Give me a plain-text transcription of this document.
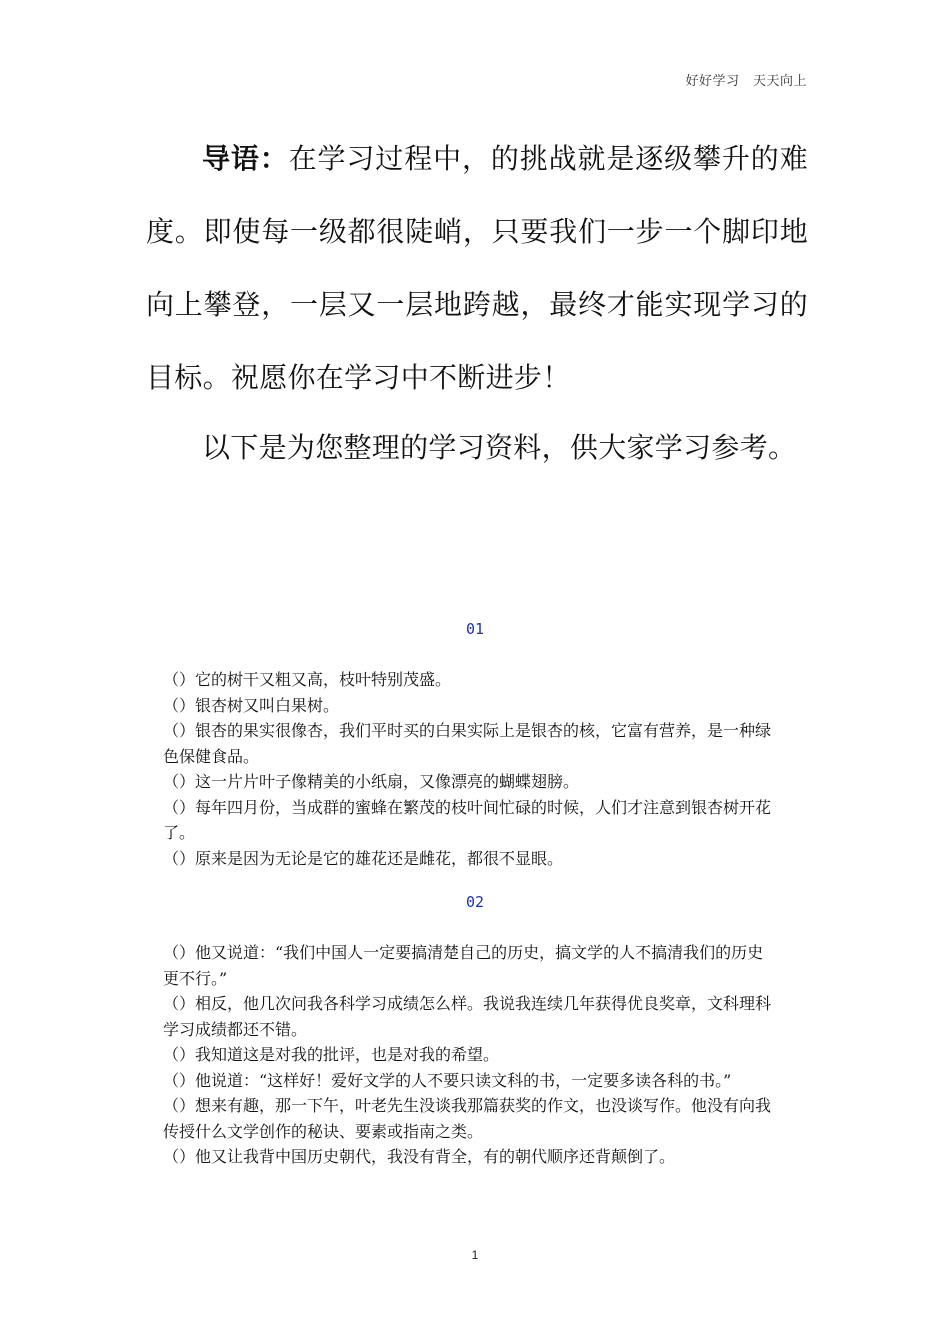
好好学习　天天向上

导语：在学习过程中，的挑战就是逐级攀升的难度。即使每一级都很陡峭，只要我们一步一个脚印地向上攀登，一层又一层地跨越，最终才能实现学习的目标。祝愿你在学习中不断进步！

以下是为您整理的学习资料，供大家学习参考。

01
（）它的树干又粗又高，枝叶特别茂盛。
（）银杏树又叫白果树。
（）银杏的果实很像杏，我们平时买的白果实际上是银杏的核，它富有营养，是一种绿色保健食品。
（）这一片片叶子像精美的小纸扇，又像漂亮的蝴蝶翅膀。
（）每年四月份，当成群的蜜蜂在繁茂的枝叶间忙碌的时候，人们才注意到银杏树开花了。
（）原来是因为无论是它的雄花还是雌花，都很不显眼。
02
（）他又说道：“我们中国人一定要搞清楚自己的历史，搞文学的人不搞清我们的历史更不行。”
（）相反，他几次问我各科学习成绩怎么样。我说我连续几年获得优良奖章，文科理科学习成绩都还不错。
（）我知道这是对我的批评，也是对我的希望。
（）他说道：“这样好！爱好文学的人不要只读文科的书，一定要多读各科的书。”
（）想来有趣，那一下午，叶老先生没谈我那篇获奖的作文，也没谈写作。他没有向我传授什么文学创作的秘诀、要素或指南之类。
（）他又让我背中国历史朝代，我没有背全，有的朝代顺序还背颠倒了。
1
